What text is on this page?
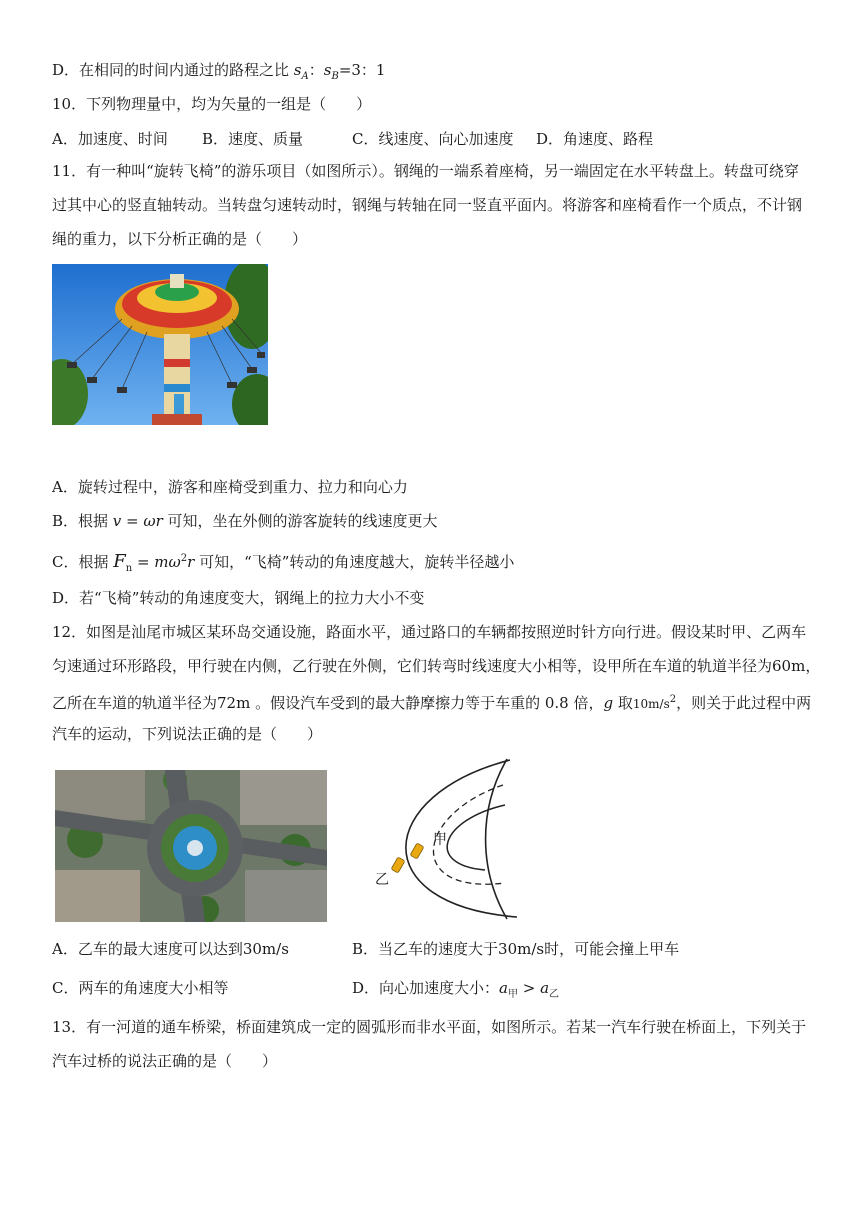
D．在相同的时间内通过的路程之比 $s_A$：$s_B=3$：1
10．下列物理量中，均为矢量的一组是（　　）
A．加速度、时间 B．速度、质量	C．线速度、向心加速度 D．角速度、路程
11．有一种叫“旋转飞椅”的游乐项目（如图所示）。钢绳的一端系着座椅，另一端固定在水平转盘上。转盘可绕穿
过其中心的竖直轴转动。当转盘匀速转动时，钢绳与转轴在同一竖直平面内。将游客和座椅看作一个质点，不计钢
绳的重力，以下分析正确的是（　　）
A．旋转过程中，游客和座椅受到重力、拉力和向心力
B．根据 v = ωr 可知，坐在外侧的游客旋转的线速度更大
C．根据 $F_n = m\omega^2r$ 可知，“飞椅”转动的角速度越大，旋转半径越小
D．若“飞椅”转动的角速度变大，钢绳上的拉力大小不变
12．如图是汕尾市城区某环岛交通设施，路面水平，通过路口的车辆都按照逆时针方向行进。假设某时甲、乙两车
匀速通过环形路段，甲行驶在内侧，乙行驶在外侧，它们转弯时线速度大小相等，设甲所在车道的轨道半径为60m，
乙所在车道的轨道半径为72m 。假设汽车受到的最大静摩擦力等于车重的 0.8 倍，g 取$10m/s^2$，则关于此过程中两
汽车的运动，下列说法正确的是（　　）
甲
乙
A．乙车的最大速度可以达到30m/s	B．当乙车的速度大于30m/s时，可能会撞上甲车
C．两车的角速度大小相等	D．向心加速度大小：$a_甲 > a_乙$
13．有一河道的通车桥梁，桥面建筑成一定的圆弧形而非水平面，如图所示。若某一汽车行驶在桥面上，下列关于
汽车过桥的说法正确的是（　　）
